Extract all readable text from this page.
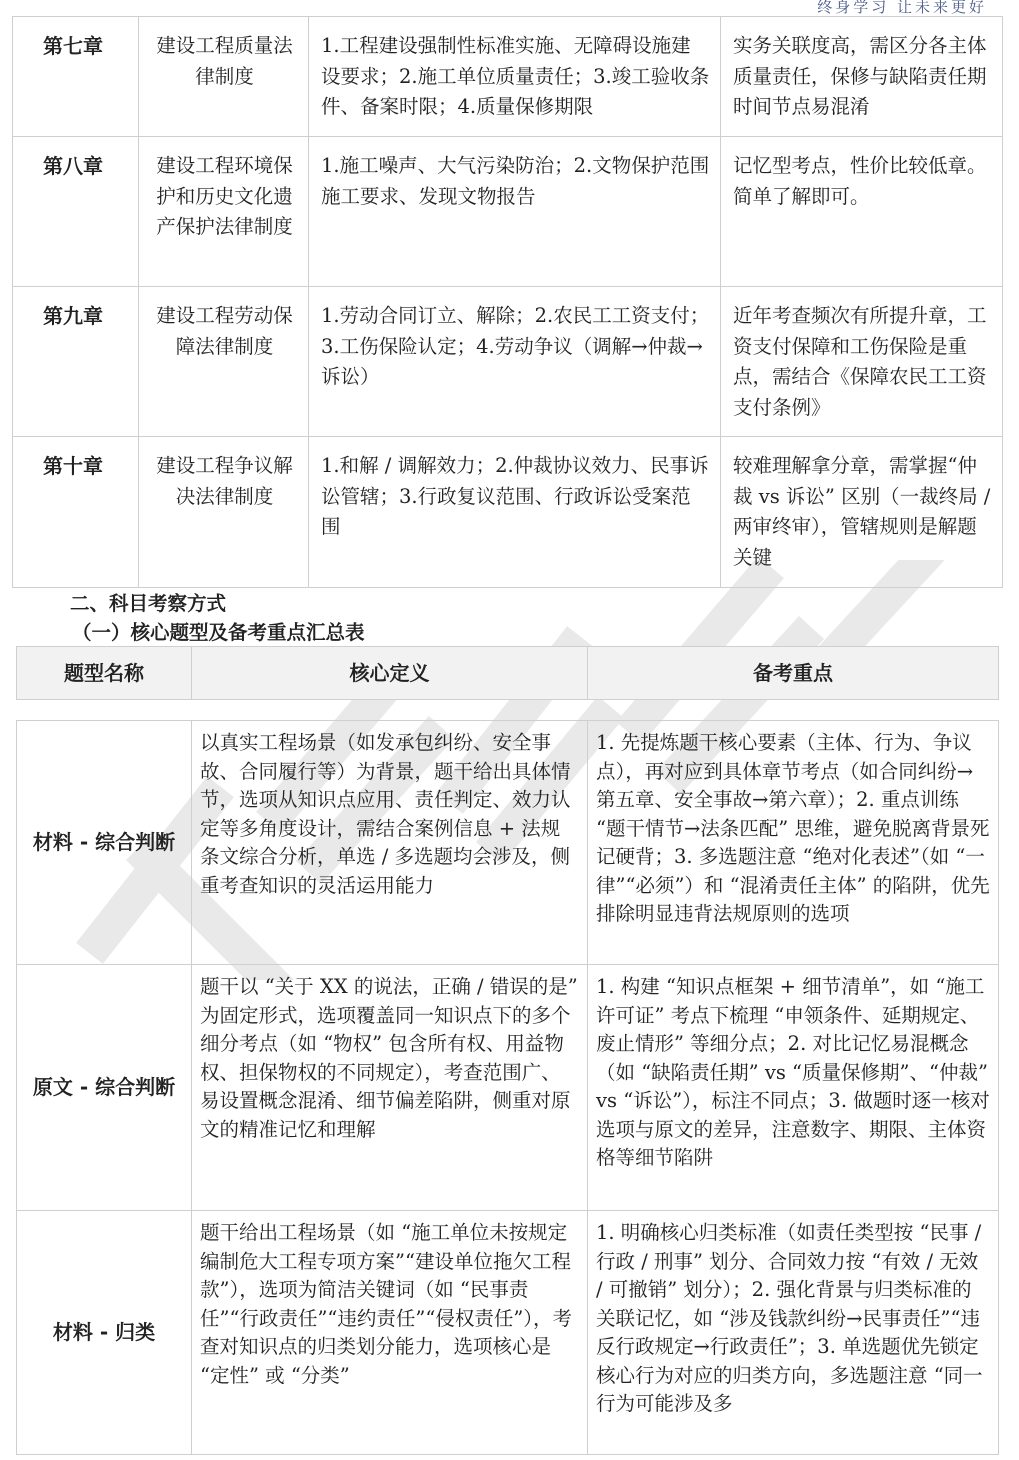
终身学习 让未来更好
第七章	建设工程质量法律制度	1.工程建设强制性标准实施、无障碍设施建设要求；2.施工单位质量责任；3.竣工验收条件、备案时限；4.质量保修期限	实务关联度高，需区分各主体质量责任，保修与缺陷责任期时间节点易混淆
第八章	建设工程环境保护和历史文化遗产保护法律制度	1.施工噪声、大气污染防治；2.文物保护范围施工要求、发现文物报告	记忆型考点，性价比较低章。简单了解即可。
第九章	建设工程劳动保障法律制度	1.劳动合同订立、解除；2.农民工工资支付；3.工伤保险认定；4.劳动争议（调解→仲裁→诉讼）	近年考查频次有所提升章，工资支付保障和工伤保险是重点，需结合《保障农民工工资支付条例》
第十章	建设工程争议解决法律制度	1.和解 / 调解效力；2.仲裁协议效力、民事诉讼管辖；3.行政复议范围、行政诉讼受案范围	较难理解拿分章，需掌握“仲裁 vs 诉讼” 区别（一裁终局 / 两审终审），管辖规则是解题关键
二、科目考察方式
（一）核心题型及备考重点汇总表
题型名称	核心定义	备考重点

材料 - 综合判断	以真实工程场景（如发承包纠纷、安全事故、合同履行等）为背景，题干给出具体情节，选项从知识点应用、责任判定、效力认定等多角度设计，需结合案例信息 + 法规条文综合分析，单选 / 多选题均会涉及，侧重考查知识的灵活运用能力	1. 先提炼题干核心要素（主体、行为、争议点），再对应到具体章节考点（如合同纠纷→第五章、安全事故→第六章）；2. 重点训练 “题干情节→法条匹配” 思维，避免脱离背景死记硬背；3. 多选题注意 “绝对化表述”（如 “一律”“必须”）和 “混淆责任主体” 的陷阱，优先排除明显违背法规原则的选项
原文 - 综合判断	题干以 “关于 XX 的说法，正确 / 错误的是” 为固定形式，选项覆盖同一知识点下的多个细分考点（如 “物权” 包含所有权、用益物权、担保物权的不同规定），考查范围广、易设置概念混淆、细节偏差陷阱，侧重对原文的精准记忆和理解	1. 构建 “知识点框架 + 细节清单”，如 “施工许可证” 考点下梳理 “申领条件、延期规定、废止情形” 等细分点；2. 对比记忆易混概念（如 “缺陷责任期” vs “质量保修期”、“仲裁” vs “诉讼”），标注不同点；3. 做题时逐一核对选项与原文的差异，注意数字、期限、主体资格等细节陷阱
材料 - 归类	题干给出工程场景（如 “施工单位未按规定编制危大工程专项方案”“建设单位拖欠工程款”），选项为简洁关键词（如 “民事责任”“行政责任”“违约责任”“侵权责任”），考查对知识点的归类划分能力，选项核心是 “定性” 或 “分类”	1. 明确核心归类标准（如责任类型按 “民事 / 行政 / 刑事” 划分、合同效力按 “有效 / 无效 / 可撤销” 划分）；2. 强化背景与归类标准的关联记忆，如 “涉及钱款纠纷→民事责任”“违反行政规定→行政责任”；3. 单选题优先锁定核心行为对应的归类方向，多选题注意 “同一行为可能涉及多
